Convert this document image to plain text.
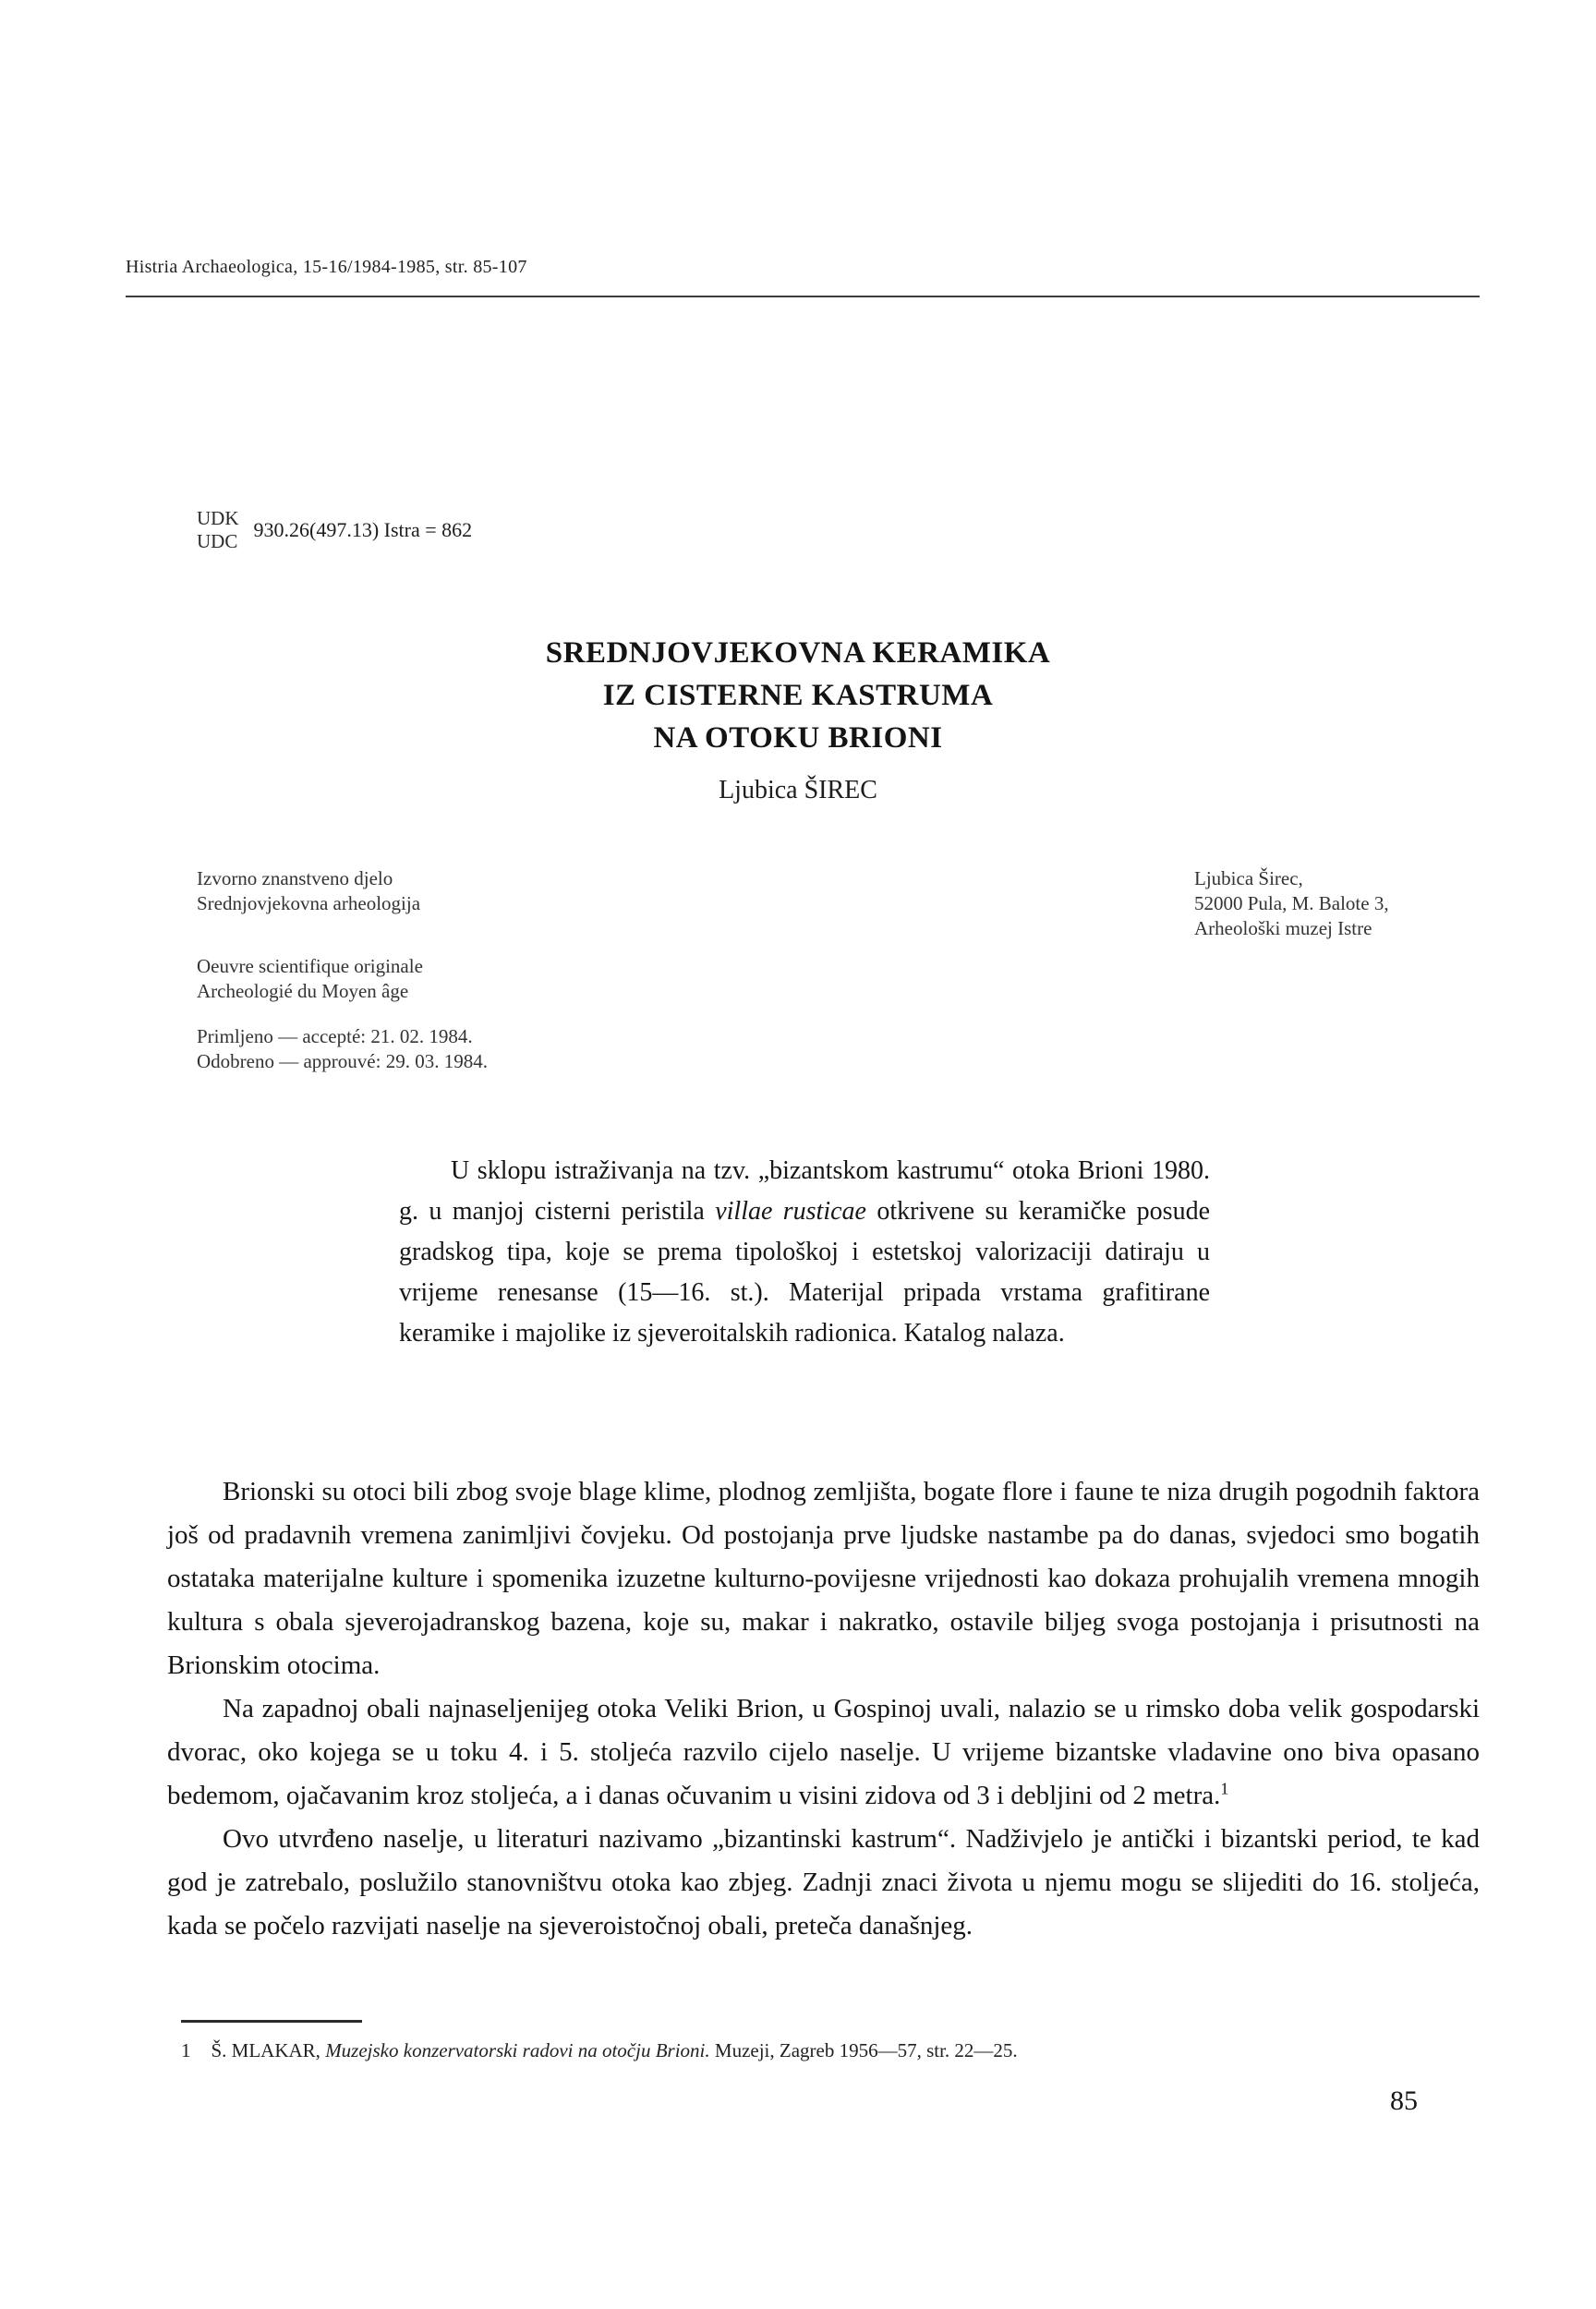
Histria Archaeologica, 15-16/1984-1985, str. 85-107
UDK
UDC 930.26(497.13) Istra = 862
SREDNJOVJEKOVNA KERAMIKA
IZ CISTERNE KASTRUMA
NA OTOKU BRIONI
Ljubica ŠIREC
Izvorno znanstveno djelo
Srednjovjekovna arheologija
Oeuvre scientifique originale
Archeologié du Moyen âge
Primljeno — accepté: 21. 02. 1984.
Odobreno — approuvé: 29. 03. 1984.
Ljubica Širec,
52000 Pula, M. Balote 3,
Arheološki muzej Istre

U sklopu istraživanja na tzv. „bizantskom kastrumu“ otoka Brioni 1980. g. u manjoj cisterni peristila villae rusticae otkrivene su keramičke posude gradskog tipa, koje se prema tipološkoj i estetskoj valorizaciji datiraju u vrijeme renesanse (15—16. st.). Materijal pripada vrstama grafitirane keramike i majolike iz sjeveroitalskih radionica. Katalog nalaza.

Brionski su otoci bili zbog svoje blage klime, plodnog zemljišta, bogate flore i faune te niza drugih pogodnih faktora još od pradavnih vremena zanimljivi čovjeku. Od postojanja prve ljudske nastambe pa do danas, svjedoci smo bogatih ostataka materijalne kulture i spomenika izuzetne kulturno-povijesne vrijednosti kao dokaza prohujalih vremena mnogih kultura s obala sjeverojadranskog bazena, koje su, makar i nakratko, ostavile biljeg svoga postojanja i prisutnosti na Brionskim otocima.

Na zapadnoj obali najnaseljenijeg otoka Veliki Brion, u Gospinoj uvali, nalazio se u rimsko doba velik gospodarski dvorac, oko kojega se u toku 4. i 5. stoljeća razvilo cijelo naselje. U vrijeme bizantske vladavine ono biva opasano bedemom, ojačavanim kroz stoljeća, a i danas očuvanim u visini zidova od 3 i debljini od 2 metra.$^1$

Ovo utvrđeno naselje, u literaturi nazivamo „bizantinski kastrum“. Nadživjelo je antički i bizantski period, te kad god je zatrebalo, poslužilo stanovništvu otoka kao zbjeg. Zadnji znaci života u njemu mogu se slijediti do 16. stoljeća, kada se počelo razvijati naselje na sjeveroistočnoj obali, preteča današnjeg.

1 Š. MLAKAR, Muzejsko konzervatorski radovi na otočju Brioni. Muzeji, Zagreb 1956—57, str. 22—25.
85
